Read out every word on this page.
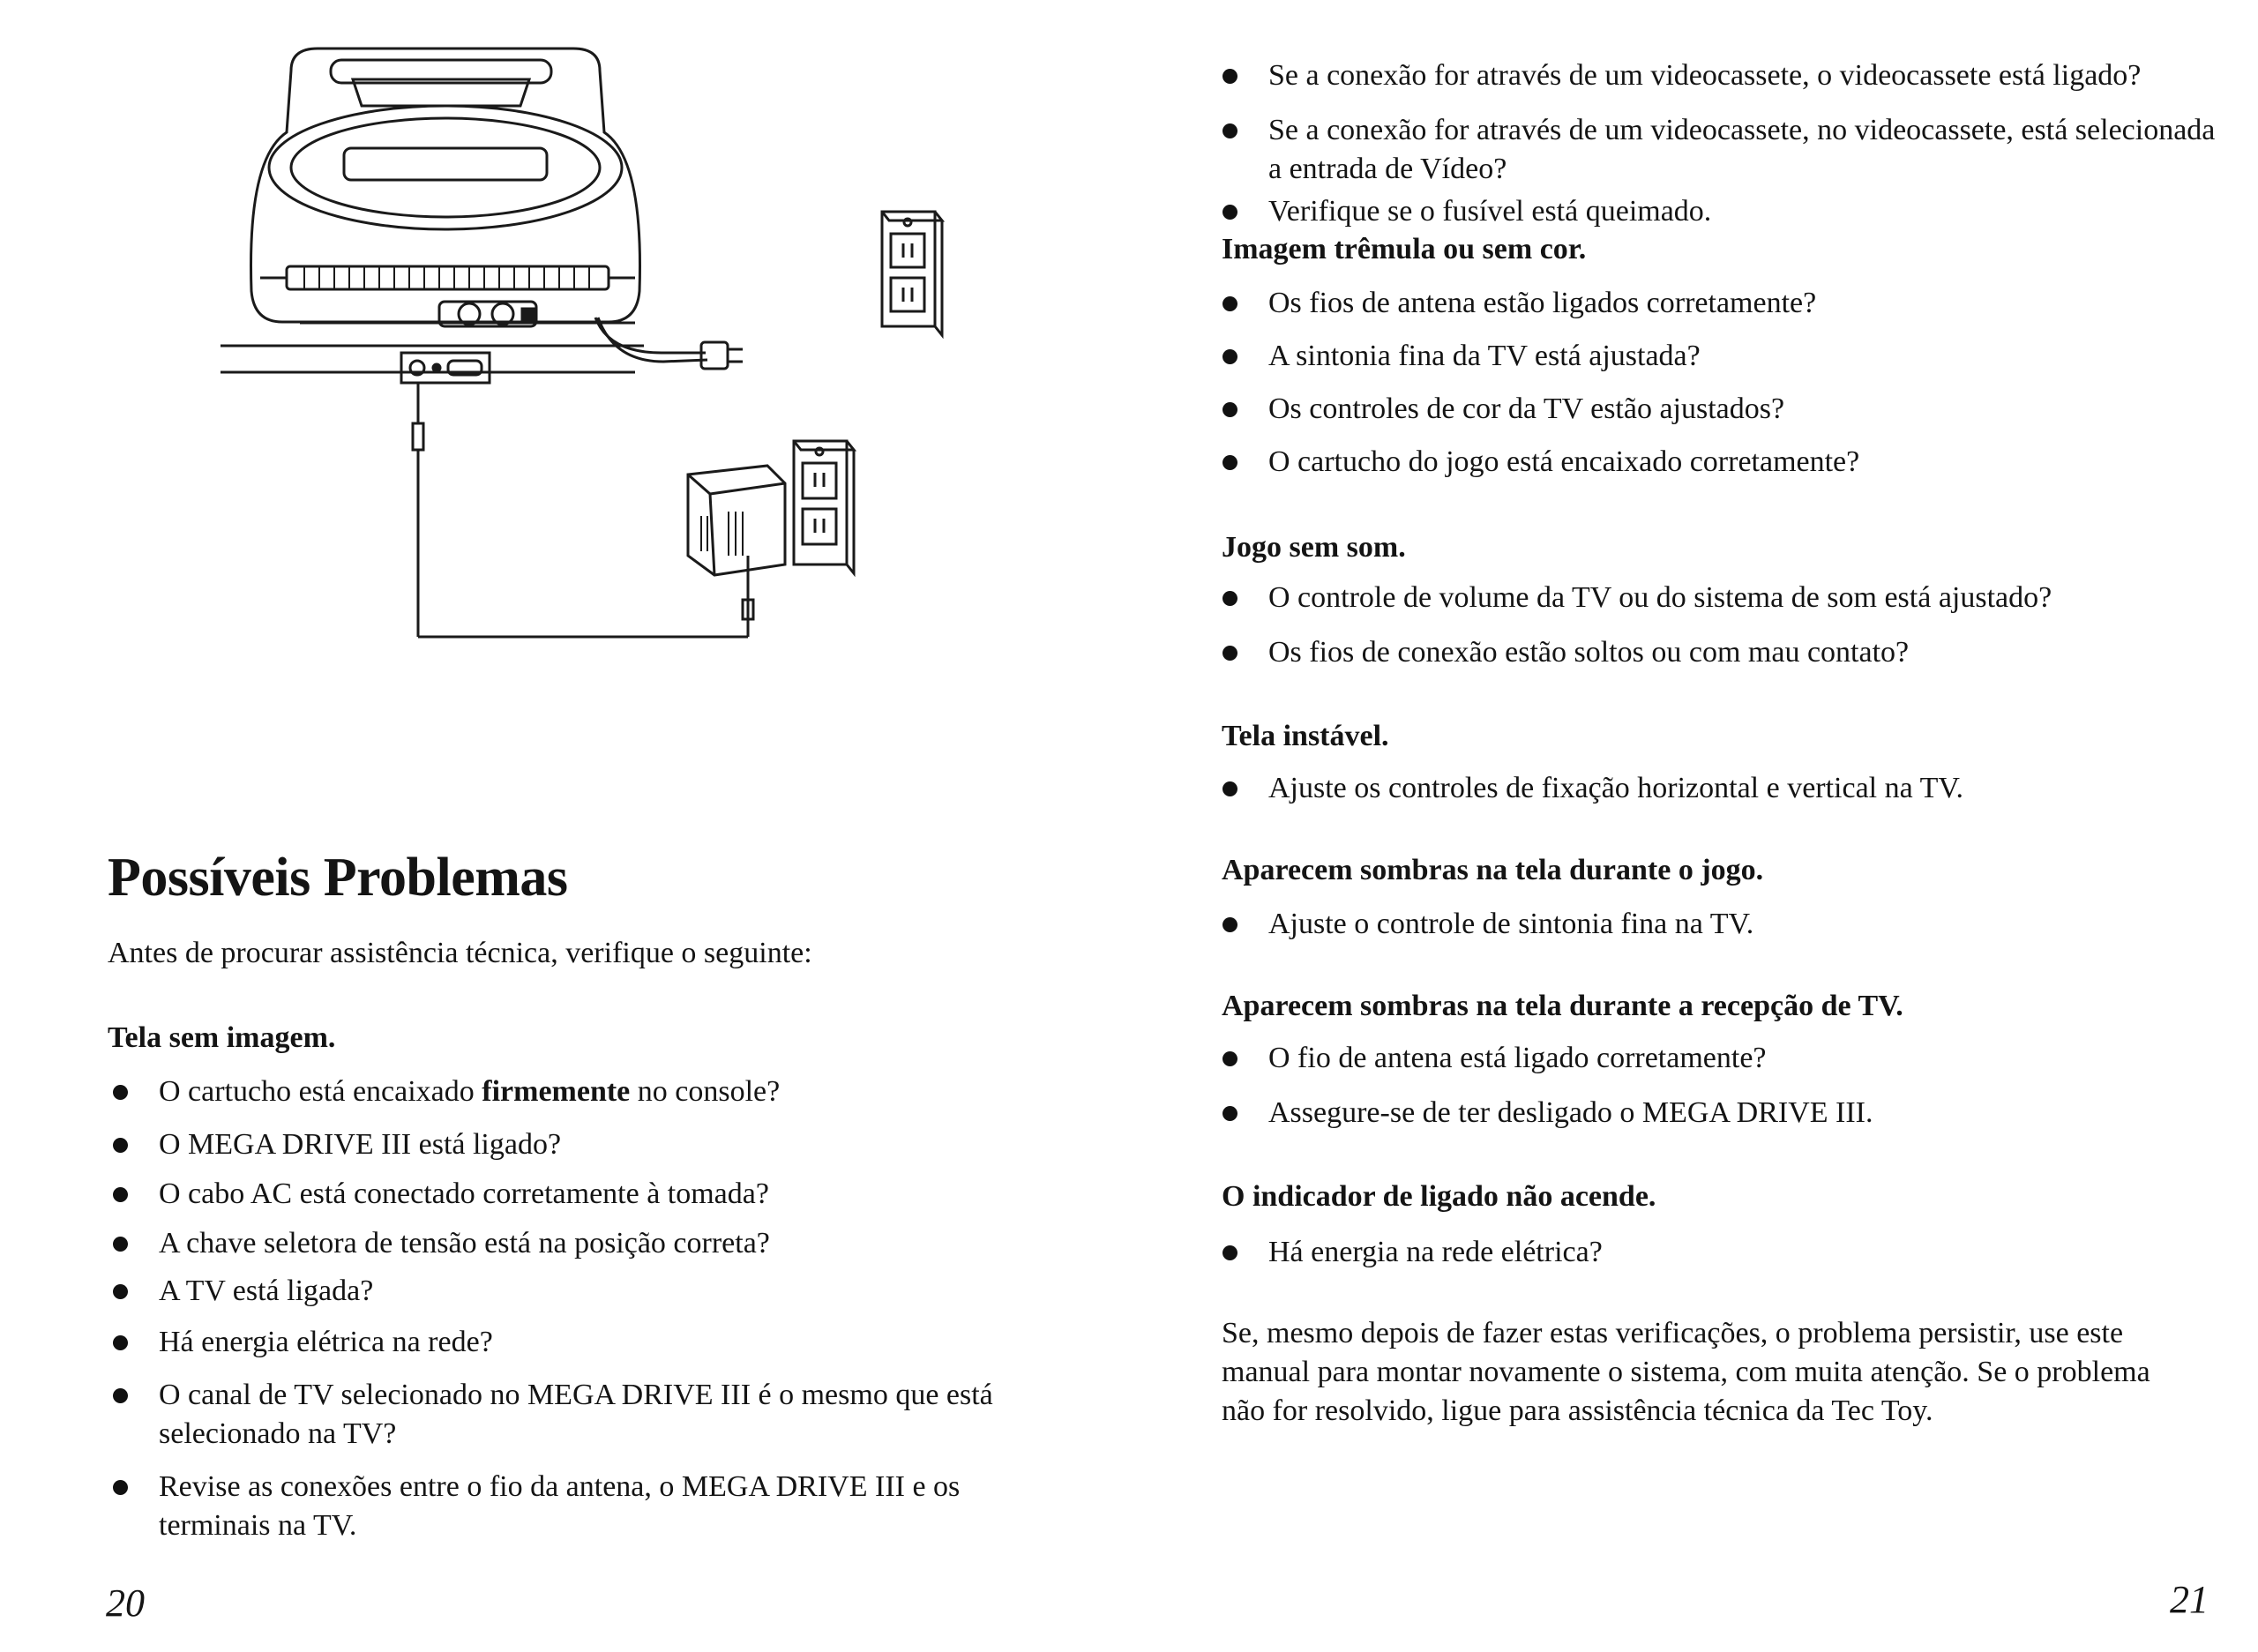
Possíveis Problemas

Antes de procurar assistência técnica, verifique o seguinte:

Tela sem imagem.

O cartucho está encaixado firmemente no console?

O MEGA DRIVE III está ligado?

O cabo AC está conectado corretamente à tomada?

A chave seletora de tensão está na posição correta?

A TV está ligada?

Há energia elétrica na rede?

O canal de TV selecionado no MEGA DRIVE III é o mesmo que está selecionado na TV?

Revise as conexões entre o fio da antena, o MEGA DRIVE III e os terminais na TV.

20

Se a conexão for através de um videocassete, o videocassete está ligado?

Se a conexão for através de um videocassete, no videocassete, está selecionada a entrada de Vídeo?

Verifique se o fusível está queimado.

Imagem trêmula ou sem cor.

Os fios de antena estão ligados corretamente?

A sintonia fina da TV está ajustada?

Os controles de cor da TV estão ajustados?

O cartucho do jogo está encaixado corretamente?

Jogo sem som.

O controle de volume da TV ou do sistema de som está ajustado?

Os fios de conexão estão soltos ou com mau contato?

Tela instável.

Ajuste os controles de fixação horizontal e vertical na TV.

Aparecem sombras na tela durante o jogo.

Ajuste o controle de sintonia fina na TV.

Aparecem sombras na tela durante a recepção de TV.

O fio de antena está ligado corretamente?

Assegure-se de ter desligado o MEGA DRIVE III.

O indicador de ligado não acende.

Há energia na rede elétrica?

Se, mesmo depois de fazer estas verificações, o problema persistir, use este manual para montar novamente o sistema, com muita atenção. Se o problema não for resolvido, ligue para assistência técnica da Tec Toy.

21
